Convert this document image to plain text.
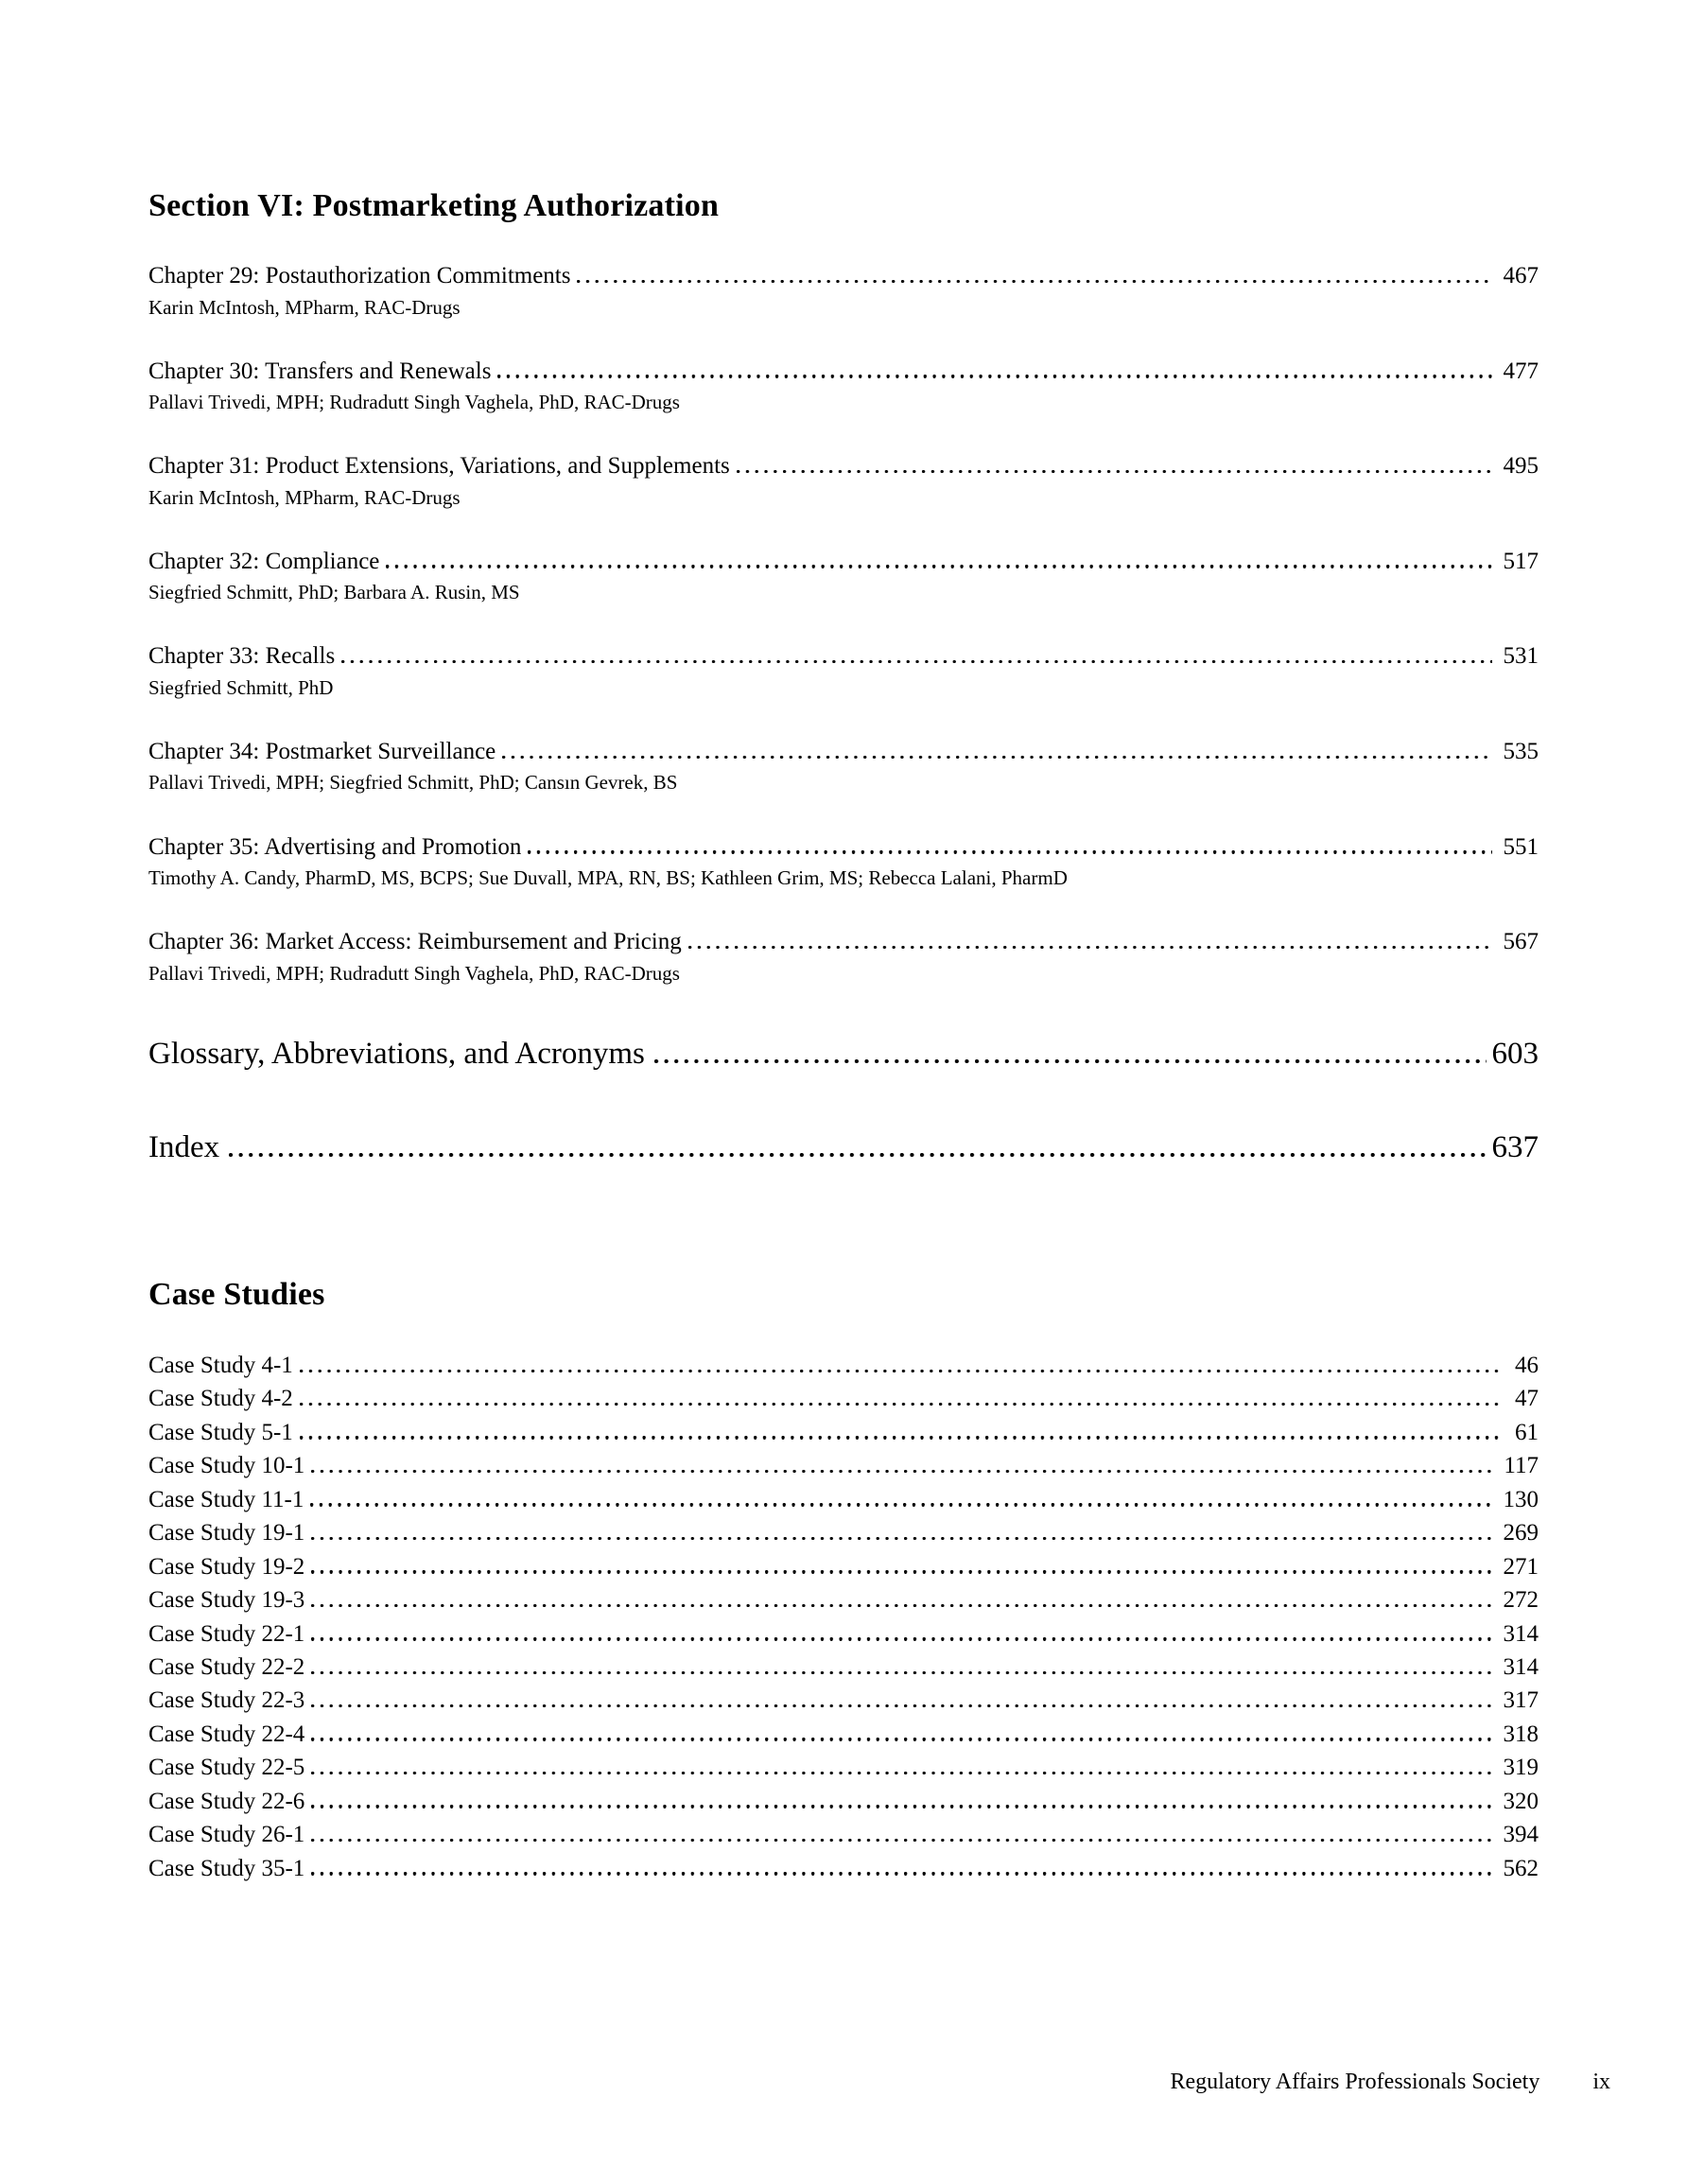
Section VI: Postmarketing Authorization
Chapter 29: Postauthorization Commitments	467
Karin McIntosh, MPharm, RAC-Drugs
Chapter 30: Transfers and Renewals	477
Pallavi Trivedi, MPH; Rudradutt Singh Vaghela, PhD, RAC-Drugs
Chapter 31: Product Extensions, Variations, and Supplements	495
Karin McIntosh, MPharm, RAC-Drugs
Chapter 32: Compliance	517
Siegfried Schmitt, PhD; Barbara A. Rusin, MS
Chapter 33: Recalls	531
Siegfried Schmitt, PhD
Chapter 34: Postmarket Surveillance	535
Pallavi Trivedi, MPH; Siegfried Schmitt, PhD; Cansın Gevrek, BS
Chapter 35: Advertising and Promotion	551
Timothy A. Candy, PharmD, MS, BCPS; Sue Duvall, MPA, RN, BS; Kathleen Grim, MS; Rebecca Lalani, PharmD
Chapter 36: Market Access: Reimbursement and Pricing	567
Pallavi Trivedi, MPH; Rudradutt Singh Vaghela, PhD, RAC-Drugs
Glossary, Abbreviations, and Acronyms	603
Index	637
Case Studies
Case Study 4-1	46
Case Study 4-2	47
Case Study 5-1	61
Case Study 10-1	117
Case Study 11-1	130
Case Study 19-1	269
Case Study 19-2	271
Case Study 19-3	272
Case Study 22-1	314
Case Study 22-2	314
Case Study 22-3	317
Case Study 22-4	318
Case Study 22-5	319
Case Study 22-6	320
Case Study 26-1	394
Case Study 35-1	562
Regulatory Affairs Professionals Society ix
